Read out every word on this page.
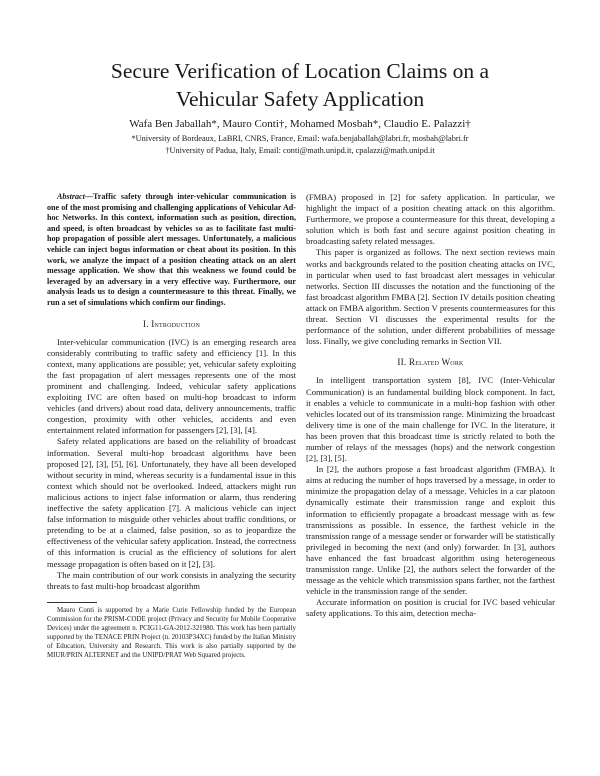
Secure Verification of Location Claims on a
Vehicular Safety Application
Wafa Ben Jaballah*, Mauro Conti†, Mohamed Mosbah*, Claudio E. Palazzi†
*University of Bordeaux, LaBRI, CNRS, France, Email: wafa.benjaballah@labri.fr, mosbah@labri.fr
†University of Padua, Italy, Email: conti@math.unipd.it, cpalazzi@math.unipd.it

Abstract—Traffic safety through inter-vehicular communication is one of the most promising and challenging applications of Vehicular Ad-hoc Networks. In this context, information such as position, direction, and speed, is often broadcast by vehicles so as to facilitate fast multi-hop propagation of possible alert messages. Unfortunately, a malicious vehicle can inject bogus information or cheat about its position. In this work, we analyze the impact of a position cheating attack on an alert message application. We show that this weakness we found could be leveraged by an adversary in a very effective way. Furthermore, our analysis leads us to design a countermeasure to this threat. Finally, we run a set of simulations which confirm our findings.

I. Introduction

Inter-vehicular communication (IVC) is an emerging research area considerably contributing to traffic safety and efficiency [1]. In this context, many applications are possible; yet, vehicular safety exploiting the fast propagation of alert messages represents one of the most prominent and challenging. Indeed, vehicular safety applications exploiting IVC are often based on multi-hop broadcast to inform vehicles (and drivers) about road data, delivery announcements, traffic congestion, proximity with other vehicles, accidents and even entertainment related information for passengers [2], [3], [4].

Safety related applications are based on the reliability of broadcast information. Several multi-hop broadcast algorithms have been proposed [2], [3], [5], [6]. Unfortunately, they have all been developed without security in mind, whereas security is a fundamental issue in this context which should not be overlooked. Indeed, attackers might run malicious actions to inject false information or alarm, thus rendering ineffective the safety application [7]. A malicious vehicle can inject false information to misguide other vehicles about traffic conditions, or pretending to be at a claimed, false position, so as to jeopardize the effectiveness of the vehicular safety application. Instead, the correctness of this information is crucial as the efficiency of solutions for alert message propagation is often based on it [2], [3].

The main contribution of our work consists in analyzing the security threats to fast multi-hop broadcast algorithm

Mauro Conti is supported by a Marie Curie Fellowship funded by the European Commission for the PRISM-CODE project (Privacy and Security for Mobile Cooperative Devices) under the agreement n. PCIG11-GA-2012-321980. This work has been partially supported by the TENACE PRIN Project (n. 20103P34XC) funded by the Italian Ministry of Education, University and Research. This work is also partially supported by the MIUR/PRIN ALTERNET and the UNIPD/PRAT Web Squared projects.

(FMBA) proposed in [2] for safety application. In particular, we highlight the impact of a position cheating attack on this algorithm. Furthermore, we propose a countermeasure for this threat, developing a solution which is both fast and secure against position cheating in broadcasting safety related messages.

This paper is organized as follows. The next section reviews main works and backgrounds related to the position cheating attacks on IVC, in particular when used to fast broadcast alert messages in vehicular networks. Section III discusses the notation and the functioning of the fast broadcast algorithm FMBA [2]. Section IV details position cheating attack on FMBA algorithm. Section V presents countermeasures for this threat. Section VI discusses the experimental results for the performance of the solution, under different probabilities of message loss. Finally, we give concluding remarks in Section VII.

II. Related Work

In intelligent transportation system [8], IVC (Inter-Vehicular Communication) is an fundamental building block component. In fact, it enables a vehicle to communicate in a multi-hop fashion with other vehicles located out of its transmission range. Minimizing the broadcast delivery time is one of the main challenge for IVC. In the literature, it has been proven that this broadcast time is strictly related to both the number of relays of the messages (hops) and the network congestion [2], [3], [5].

In [2], the authors propose a fast broadcast algorithm (FMBA). It aims at reducing the number of hops traversed by a message, in order to minimize the propagation delay of a message. Vehicles in a car platoon dynamically estimate their transmission range and exploit this information to efficiently propagate a broadcast message with as few transmissions as possible. In essence, the farthest vehicle in the transmission range of a message sender or forwarder will be statistically privileged in becoming the next (and only) forwarder. In [3], authors have enhanced the fast broadcast algorithm using heterogeneous transmission range. Unlike [2], the authors select the forwarder of the message as the vehicle which transmission spans farther, not the farthest vehicle in the transmission range of the sender.

Accurate information on position is crucial for IVC based vehicular safety applications. To this aim, detection mecha-
